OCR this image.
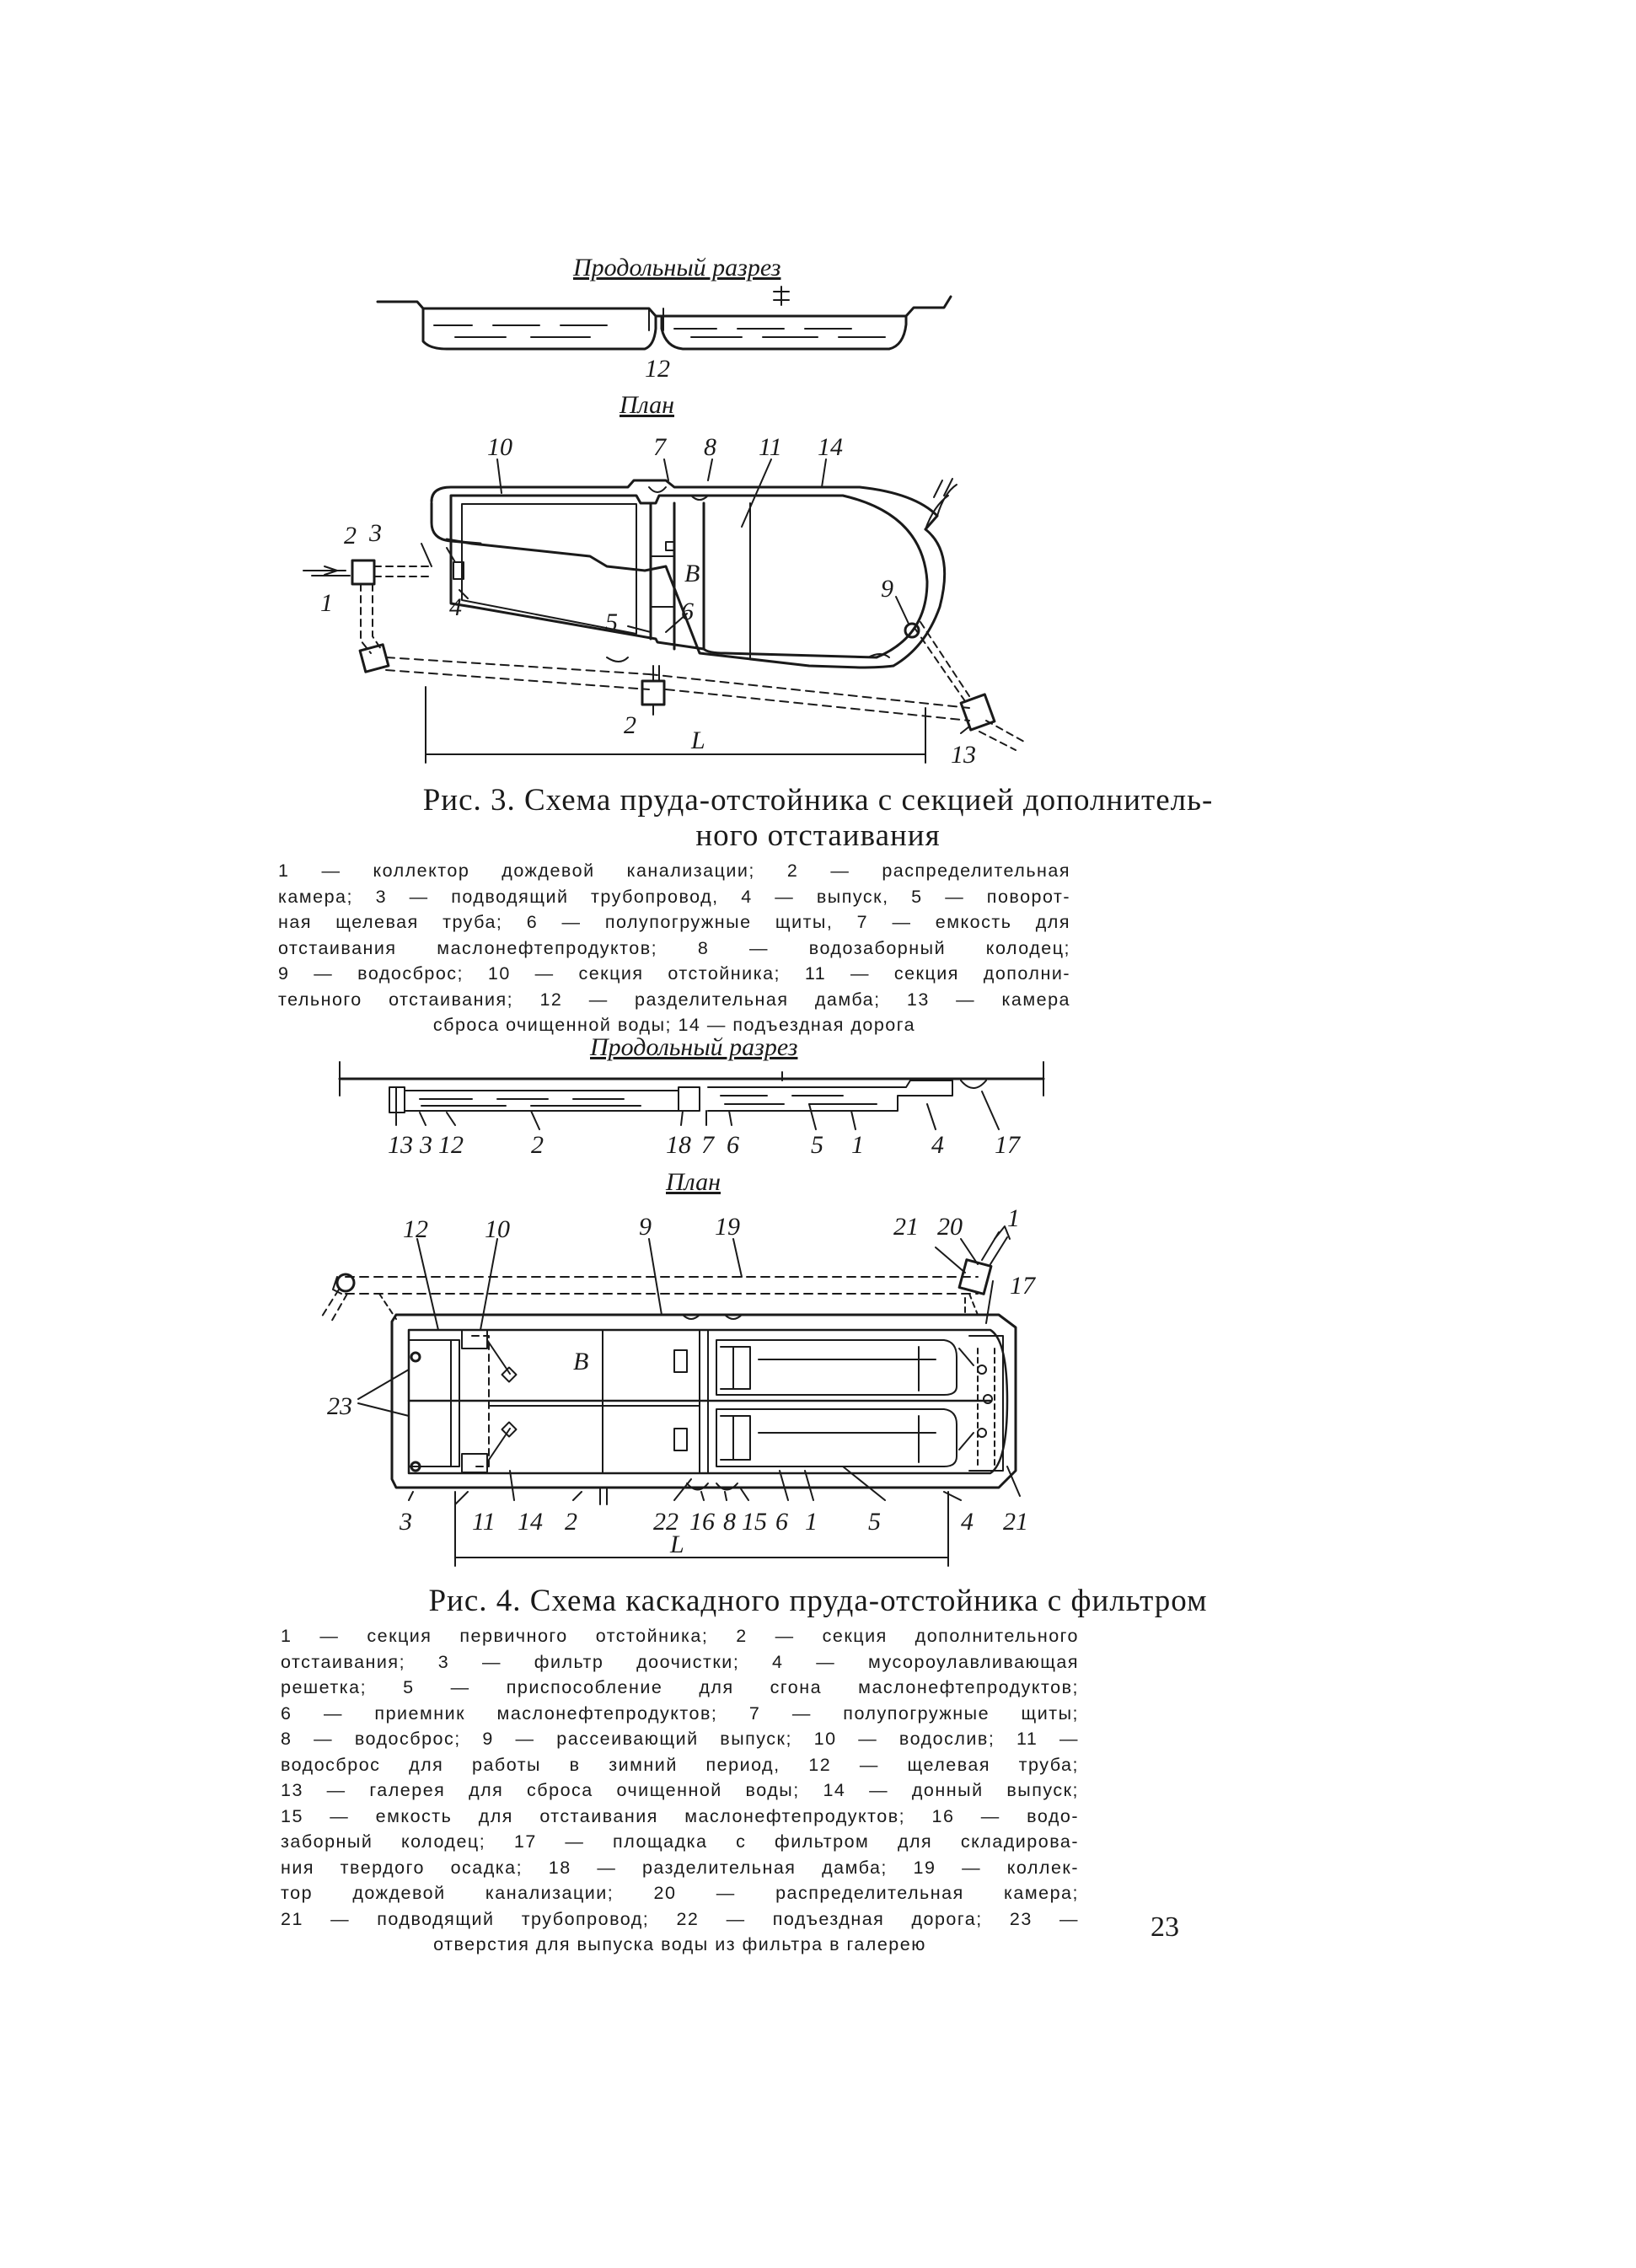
Продольный разрез
12
План
10	7 8 11 14
2 3
1	4
В
9
5	6
2
13
L
Продольный разрез
13 3 12	2	18 7 6	5 1	4 17
План
12 10	9	19	21 20 1
17
23
В
3 11 14 2	22 16 8 15 6 1 5	4 21
L

Рис. 3. Схема пруда-отстойника с секцией дополнитель-

ного отстаивания

1 — коллектор дождевой канализации; 2 — распределительная
камера; 3 — подводящий трубопровод, 4 — выпуск, 5 — поворот-
ная щелевая труба; 6 — полупогружные щиты, 7 — емкость для
отстаивания маслонефтепродуктов; 8 — водозаборный колодец;
9 — водосброс; 10 — секция отстойника; 11 — секция дополни-
тельного отстаивания; 12 — разделительная дамба; 13 — камера
сброса очищенной воды; 14 — подъездная дорога

Рис. 4. Схема каскадного пруда-отстойника с фильтром

1 — секция первичного отстойника; 2 — секция дополнительного
отстаивания; 3 — фильтр доочистки; 4 — мусороулавливающая
решетка; 5 — приспособление для сгона маслонефтепродуктов;
6 — приемник маслонефтепродуктов; 7 — полупогружные щиты;
8 — водосброс; 9 — рассеивающий выпуск; 10 — водослив; 11 —
водосброс для работы в зимний период, 12 — щелевая труба;
13 — галерея для сброса очищенной воды; 14 — донный выпуск;
15 — емкость для отстаивания маслонефтепродуктов; 16 — водо-
заборный колодец; 17 — площадка с фильтром для складирова-
ния твердого осадка; 18 — разделительная дамба; 19 — коллек-
тор дождевой канализации; 20 — распределительная камера;
21 — подводящий трубопровод; 22 — подъездная дорога; 23 —
отверстия для выпуска воды из фильтра в галерею
23
